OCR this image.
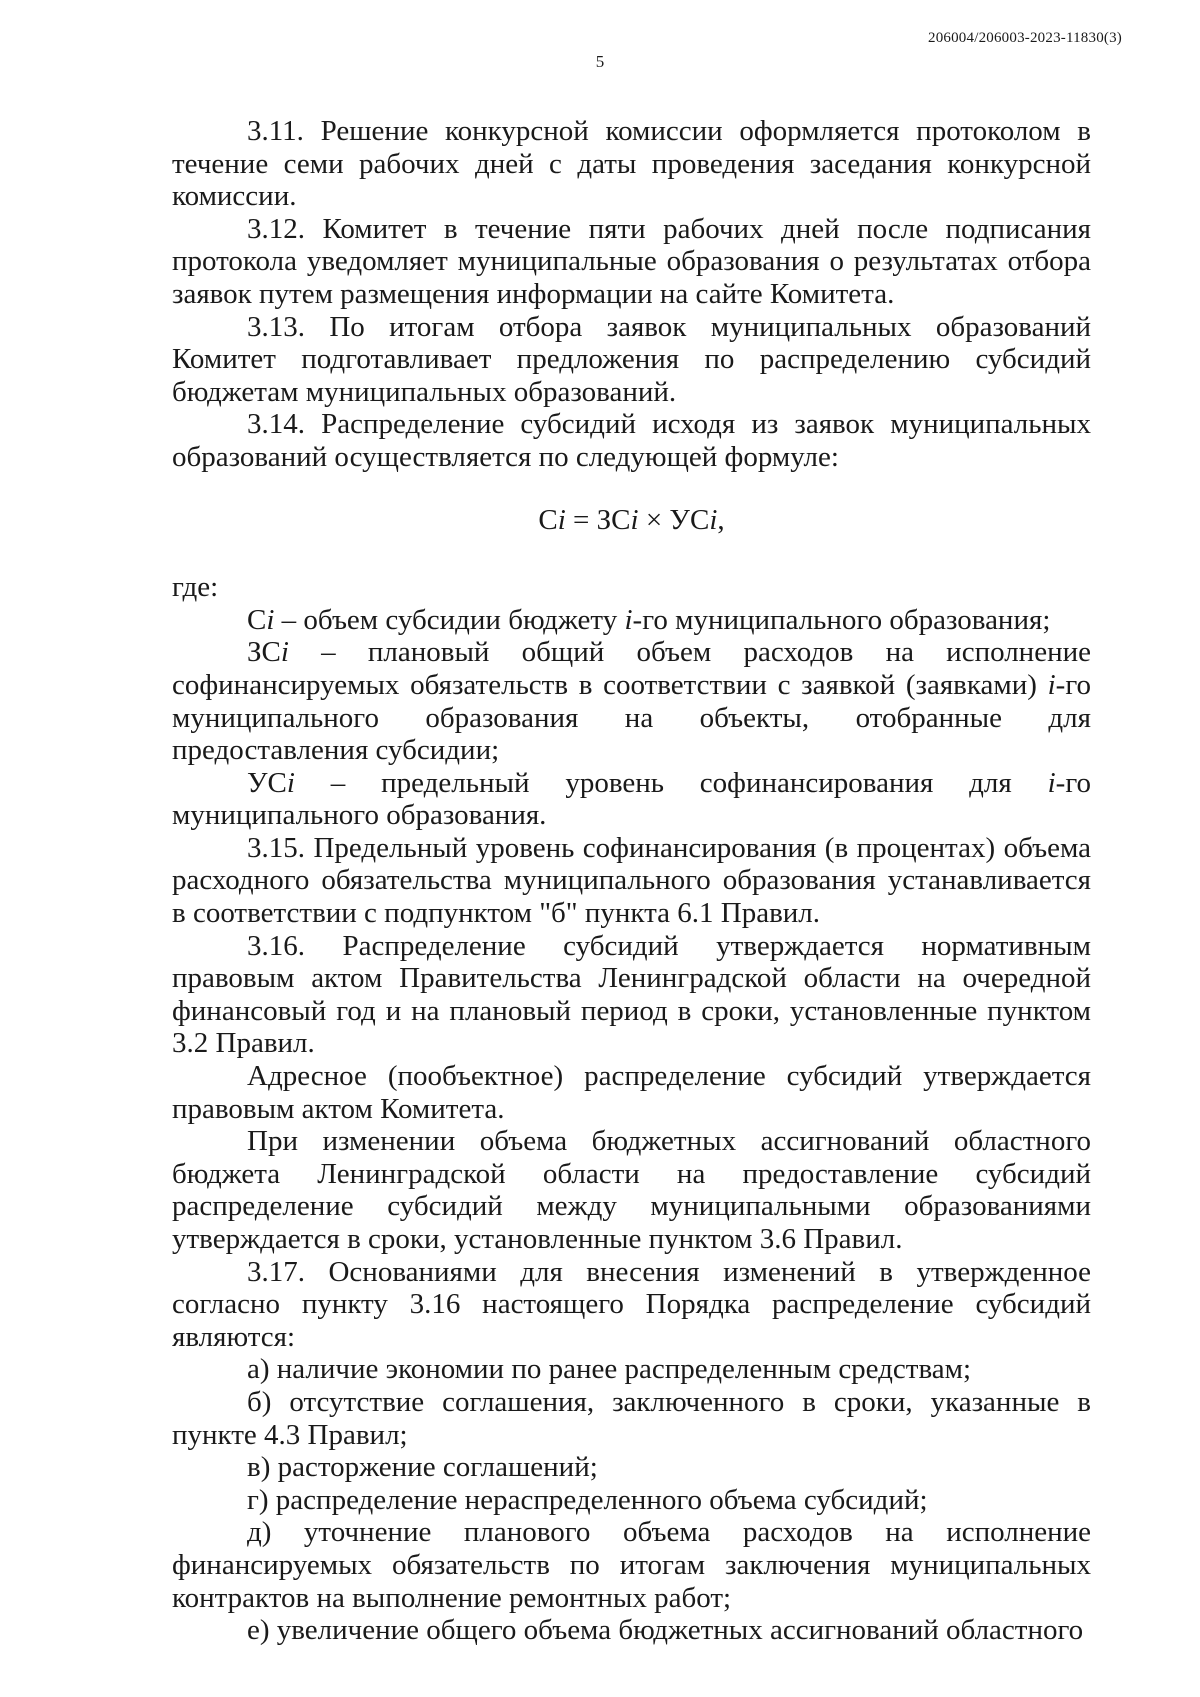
206004/206003-2023-11830(3)
5

3.11. Решение конкурсной комиссии оформляется протоколом в течение семи рабочих дней с даты проведения заседания конкурсной комиссии.

3.12. Комитет в течение пяти рабочих дней после подписания протокола уведомляет муниципальные образования о результатах отбора заявок путем размещения информации на сайте Комитета.

3.13. По итогам отбора заявок муниципальных образований Комитет подготавливает предложения по распределению субсидий бюджетам муниципальных образований.

3.14. Распределение субсидий исходя из заявок муниципальных образований осуществляется по следующей формуле:

Сi = ЗСi × УСi,

где:

Сi – объем субсидии бюджету i-го муниципального образования;

ЗСi – плановый общий объем расходов на исполнение софинансируемых обязательств в соответствии с заявкой (заявками) i-го муниципального образования на объекты, отобранные для предоставления субсидии;

УСi – предельный уровень софинансирования для i-го муниципального образования.

3.15. Предельный уровень софинансирования (в процентах) объема расходного обязательства муниципального образования устанавливается в соответствии с подпунктом "б" пункта 6.1 Правил.

3.16. Распределение субсидий утверждается нормативным правовым актом Правительства Ленинградской области на очередной финансовый год и на плановый период в сроки, установленные пунктом 3.2 Правил.

Адресное (пообъектное) распределение субсидий утверждается правовым актом Комитета.

При изменении объема бюджетных ассигнований областного бюджета Ленинградской области на предоставление субсидий распределение субсидий между муниципальными образованиями утверждается в сроки, установленные пунктом 3.6 Правил.

3.17. Основаниями для внесения изменений в утвержденное согласно пункту 3.16 настоящего Порядка распределение субсидий являются:

а) наличие экономии по ранее распределенным средствам;

б) отсутствие соглашения, заключенного в сроки, указанные в пункте 4.3 Правил;

в) расторжение соглашений;

г) распределение нераспределенного объема субсидий;

д) уточнение планового объема расходов на исполнение финансируемых обязательств по итогам заключения муниципальных контрактов на выполнение ремонтных работ;

е) увеличение общего объема бюджетных ассигнований областного
